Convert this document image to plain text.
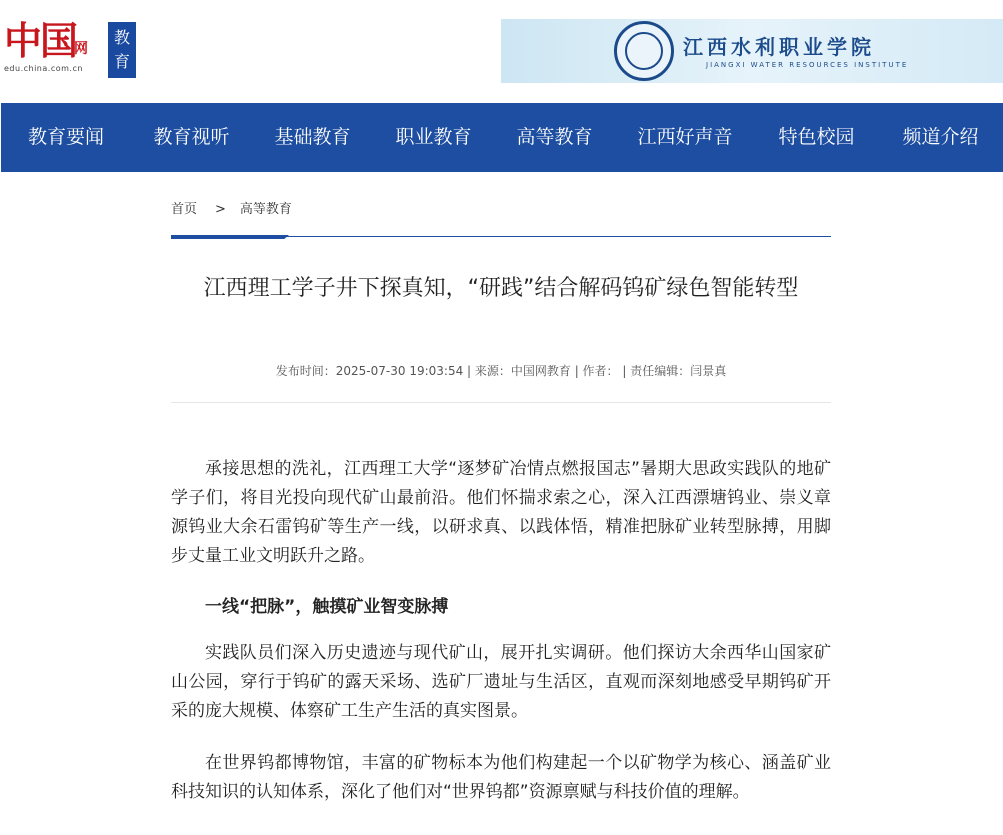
中国
网
edu.china.com.cn
教育
江西水利职业学院
JIANGXI WATER RESOURCES INSTITUTE
教育要闻	教育视听	基础教育	职业教育	高等教育	江西好声音	特色校园	频道介绍
首页 > 高等教育
江西理工学子井下探真知，“研践”结合解码钨矿绿色智能转型
发布时间：2025-07-30 19:03:54 | 来源：中国网教育 | 作者： | 责任编辑：闫景真

承接思想的洗礼，江西理工大学“逐梦矿冶情点燃报国志”暑期大思政实践队的地矿学子们，将目光投向现代矿山最前沿。他们怀揣求索之心，深入江西漂塘钨业、崇义章源钨业大余石雷钨矿等生产一线，以研求真、以践体悟，精准把脉矿业转型脉搏，用脚步丈量工业文明跃升之路。

一线“把脉”，触摸矿业智变脉搏

实践队员们深入历史遗迹与现代矿山，展开扎实调研。他们探访大余西华山国家矿山公园，穿行于钨矿的露天采场、选矿厂遗址与生活区，直观而深刻地感受早期钨矿开采的庞大规模、体察矿工生产生活的真实图景。

在世界钨都博物馆，丰富的矿物标本为他们构建起一个以矿物学为核心、涵盖矿业科技知识的认知体系，深化了他们对“世界钨都”资源禀赋与科技价值的理解。
